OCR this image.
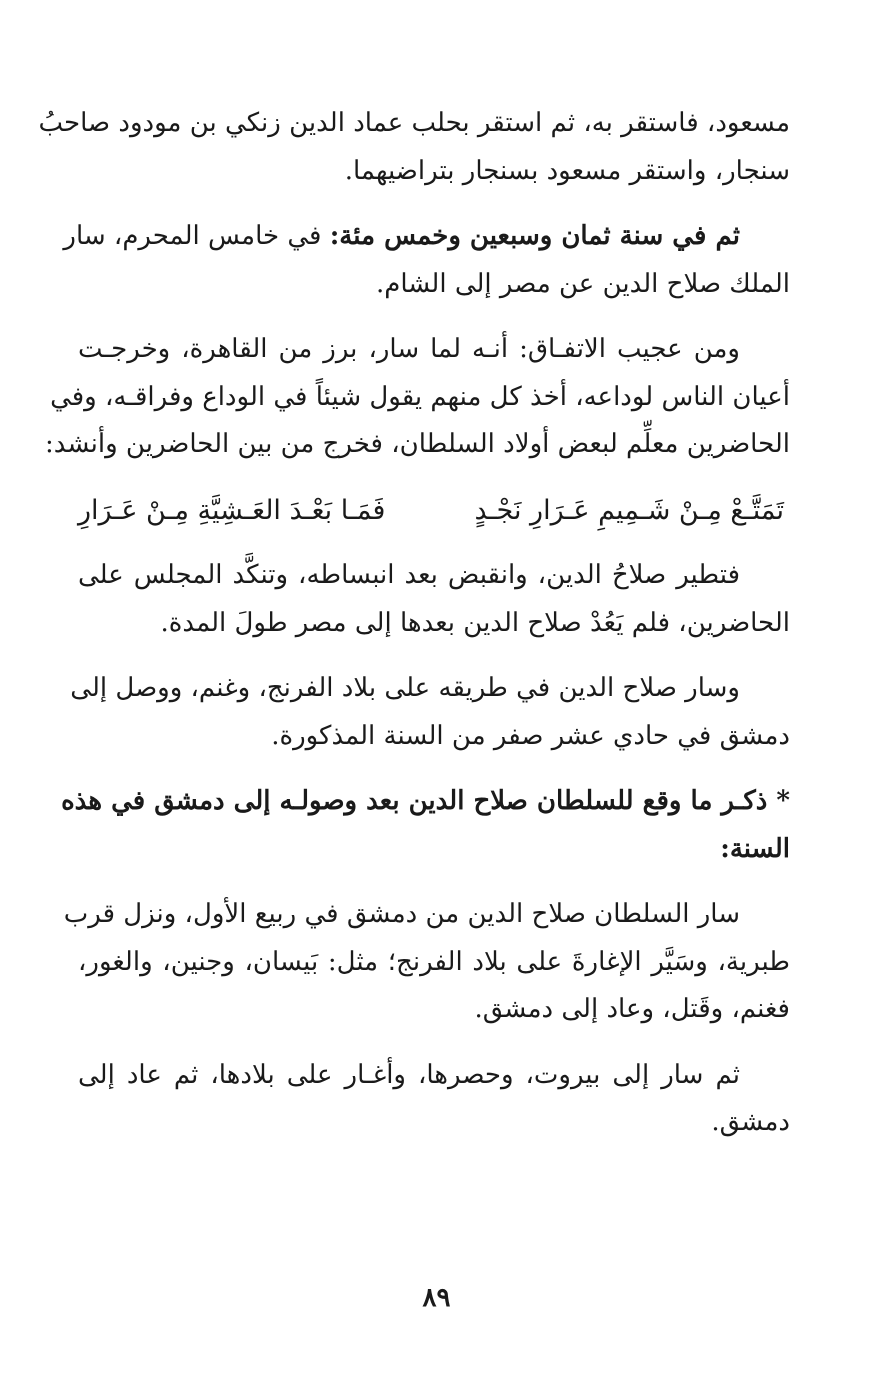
مسعود، فاستقر به، ثم استقر بحلب عماد الدين زنكي بن مودود صاحبُ
سنجار، واستقر مسعود بسنجار بتراضيهما.
ثم في سنة ثمان وسبعين وخمس مئة: في خامس المحرم، سار
الملك صلاح الدين عن مصر إلى الشام.
ومن عجيب الاتفـاق: أنـه لما سار، برز من القاهرة، وخرجـت
أعيان الناس لوداعه، أخذ كل منهم يقول شيئاً في الوداع وفراقـه، وفي
الحاضرين معلِّم لبعض أولاد السلطان، فخرج من بين الحاضرين وأنشد:
تَمَتَّـعْ مِـنْ شَـمِيمِ عَـرَارِ نَجْـدٍ
فَمَـا بَعْـدَ العَـشِيَّةِ مِـنْ عَـرَارِ
فتطير صلاحُ الدين، وانقبض بعد انبساطه، وتنكَّد المجلس على
الحاضرين، فلم يَعُدْ صلاح الدين بعدها إلى مصر طولَ المدة.
وسار صلاح الدين في طريقه على بلاد الفرنج، وغنم، ووصل إلى
دمشق في حادي عشر صفر من السنة المذكورة.
* ذكـر ما وقع للسلطان صلاح الدين بعد وصولـه إلى دمشق في هذه
السنة:
سار السلطان صلاح الدين من دمشق في ربيع الأول، ونزل قرب
طبرية، وسَيَّر الإغارةَ على بلاد الفرنج؛ مثل: بَيسان، وجنين، والغور،
فغنم، وقَتل، وعاد إلى دمشق.
ثم سار إلى بيروت، وحصرها، وأغـار على بلادها، ثم عاد إلى
دمشق.
٨٩
